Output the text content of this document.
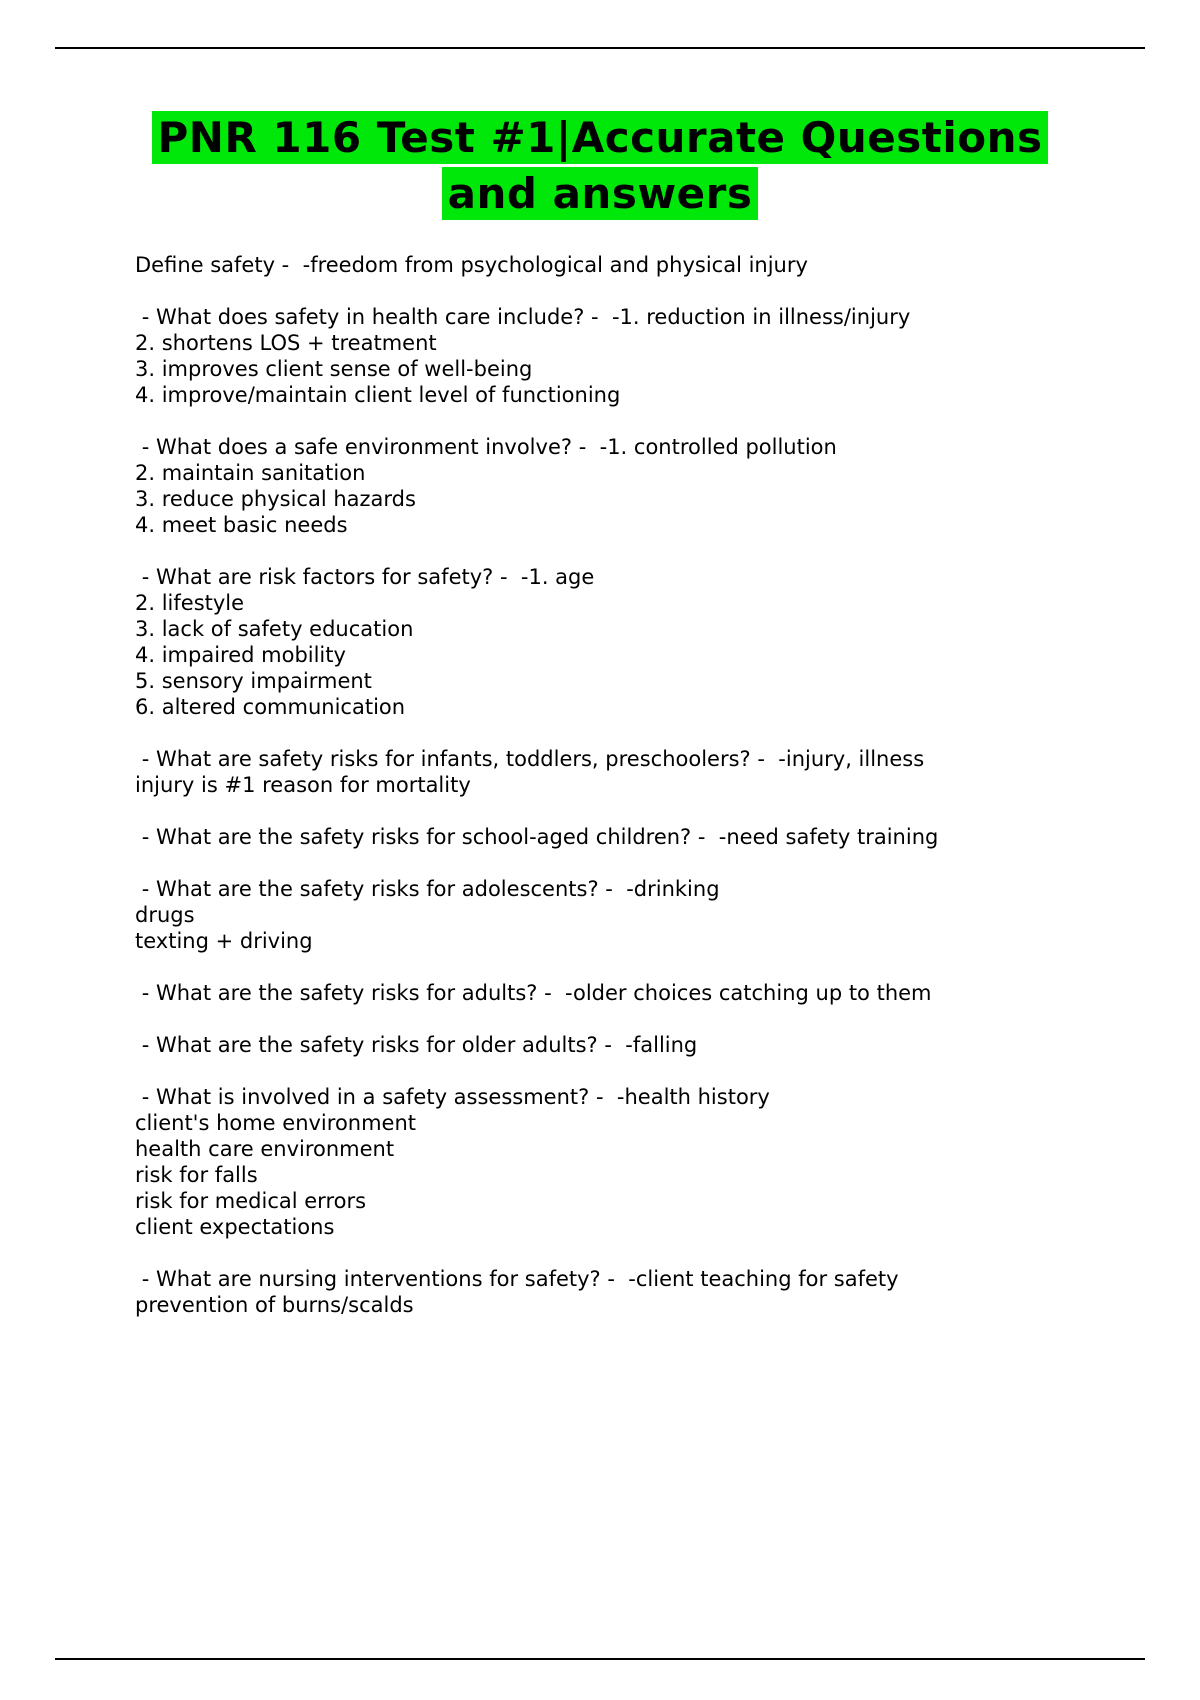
PNR 116 Test #1|Accurate Questions
and answers
Define safety -  -freedom from psychological and physical injury
- What does safety in health care include? -  -1. reduction in illness/injury
2. shortens LOS + treatment
3. improves client sense of well-being
4. improve/maintain client level of functioning
- What does a safe environment involve? -  -1. controlled pollution
2. maintain sanitation
3. reduce physical hazards
4. meet basic needs
- What are risk factors for safety? -  -1. age
2. lifestyle
3. lack of safety education
4. impaired mobility
5. sensory impairment
6. altered communication
- What are safety risks for infants, toddlers, preschoolers? -  -injury, illness
injury is #1 reason for mortality
- What are the safety risks for school-aged children? -  -need safety training
- What are the safety risks for adolescents? -  -drinking
drugs
texting + driving
- What are the safety risks for adults? -  -older choices catching up to them
- What are the safety risks for older adults? -  -falling
- What is involved in a safety assessment? -  -health history
client's home environment
health care environment
risk for falls
risk for medical errors
client expectations
- What are nursing interventions for safety? -  -client teaching for safety
prevention of burns/scalds
